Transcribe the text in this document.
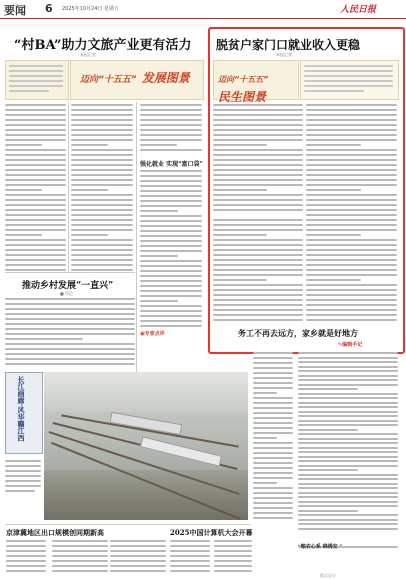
要闻 6 2025年10月24日 星期五	人民日报
“村BA”助力文旅产业更有活力
本报记者
迈向“十五五” 发展图景
强化就业 实现“富口袋”
推动乡村发展“一直兴”
■ 评论
▣专家点评
脱贫户家门口就业收入更稳
本报记者
迈向“十五五”
民生图景
务工不再去远方，家乡就是好地方
✎编辑手记
长江画廊·风华赣江西
“粮农心系 锦绣安 ”
京津冀地区出口规模创同期新高	2025中国计算机大会开幕
版式设计
